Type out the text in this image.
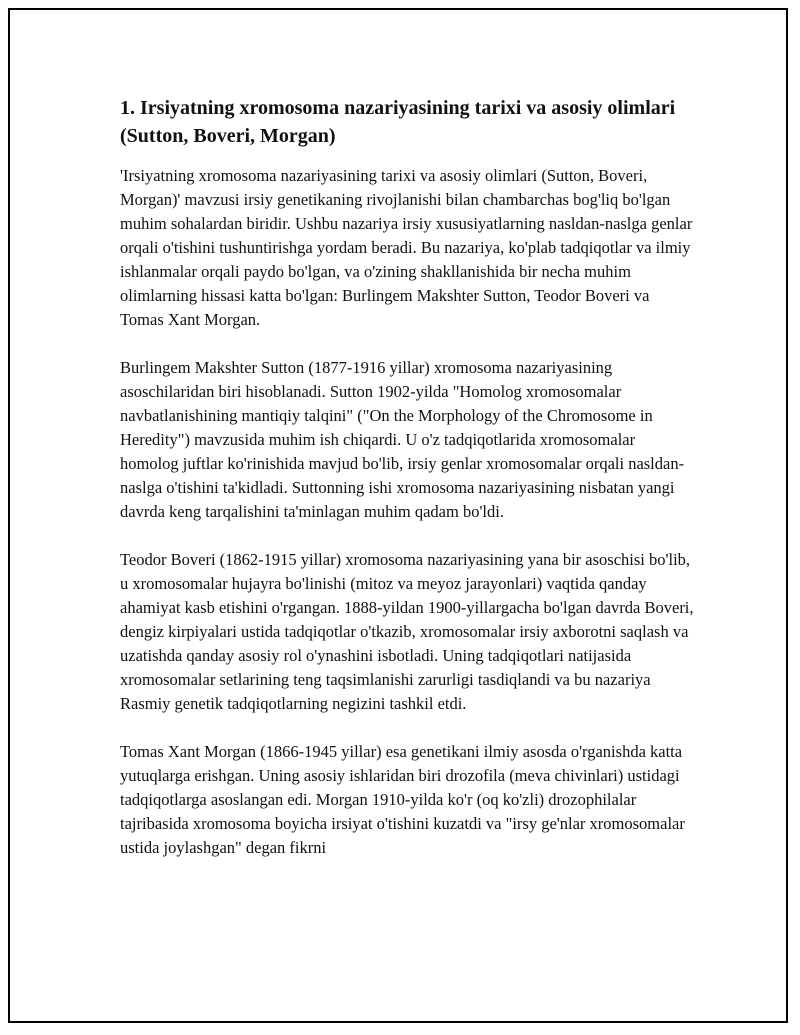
1. Irsiyatning xromosoma nazariyasining tarixi va asosiy olimlari (Sutton, Boveri, Morgan)

'Irsiyatning xromosoma nazariyasining tarixi va asosiy olimlari (Sutton, Boveri, Morgan)' mavzusi irsiy genetikaning rivojlanishi bilan chambarchas bog'liq bo'lgan muhim sohalardan biridir. Ushbu nazariya irsiy xususiyatlarning nasldan-naslga genlar orqali o'tishini tushuntirishga yordam beradi. Bu nazariya, ko'plab tadqiqotlar va ilmiy ishlanmalar orqali paydo bo'lgan, va o'zining shakllanishida bir necha muhim olimlarning hissasi katta bo'lgan: Burlingem Makshter Sutton, Teodor Boveri va Tomas Xant Morgan.

Burlingem Makshter Sutton (1877-1916 yillar) xromosoma nazariyasining asoschilaridan biri hisoblanadi. Sutton 1902-yilda "Homolog xromosomalar navbatlanishining mantiqiy talqini" ("On the Morphology of the Chromosome in Heredity") mavzusida muhim ish chiqardi. U o'z tadqiqotlarida xromosomalar homolog juftlar ko'rinishida mavjud bo'lib, irsiy genlar xromosomalar orqali nasldan-naslga o'tishini ta'kidladi. Suttonning ishi xromosoma nazariyasining nisbatan yangi davrda keng tarqalishini ta'minlagan muhim qadam bo'ldi.

Teodor Boveri (1862-1915 yillar) xromosoma nazariyasining yana bir asoschisi bo'lib, u xromosomalar hujayra bo'linishi (mitoz va meyoz jarayonlari) vaqtida qanday ahamiyat kasb etishini o'rgangan. 1888-yildan 1900-yillargacha bo'lgan davrda Boveri, dengiz kirpiyalari ustida tadqiqotlar o'tkazib, xromosomalar irsiy axborotni saqlash va uzatishda qanday asosiy rol o'ynashini isbotladi. Uning tadqiqotlari natijasida xromosomalar setlarining teng taqsimlanishi zarurligi tasdiqlandi va bu nazariya Rasmiy genetik tadqiqotlarning negizini tashkil etdi.

Tomas Xant Morgan (1866-1945 yillar) esa genetikani ilmiy asosda o'rganishda katta yutuqlarga erishgan. Uning asosiy ishlaridan biri drozofila (meva chivinlari) ustidagi tadqiqotlarga asoslangan edi. Morgan 1910-yilda ko'r (oq ko'zli) drozophilalar tajribasida xromosoma boyicha irsiyat o'tishini kuzatdi va "irsy ge'nlar xromosomalar ustida joylashgan" degan fikrni
